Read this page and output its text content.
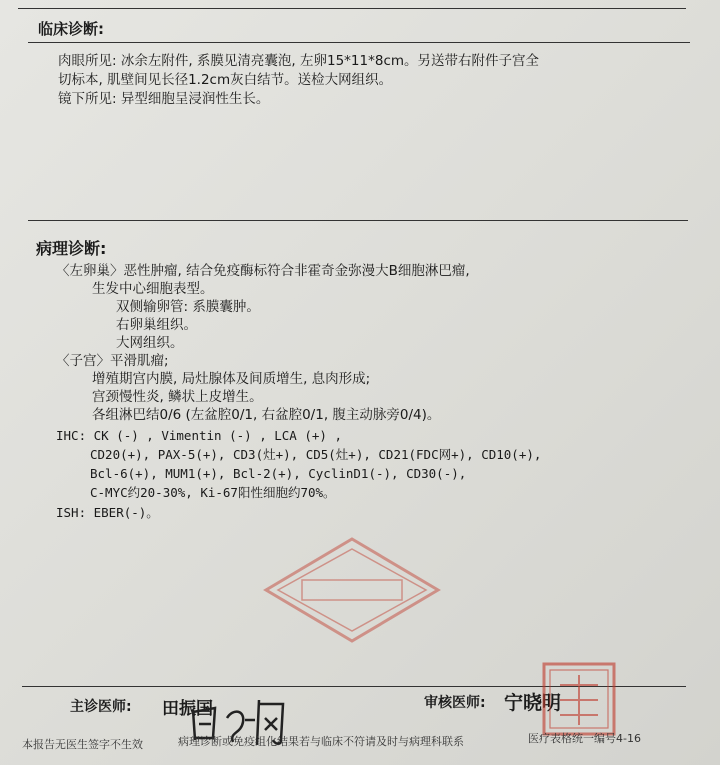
临床诊断:
肉眼所见: 冰余左附件, 系膜见清亮囊泡, 左卵15*11*8cm。另送带右附件子宫全
切标本, 肌壁间见长径1.2cm灰白结节。送检大网组织。
镜下所见: 异型细胞呈浸润性生长。
病理诊断:
〈左卵巢〉恶性肿瘤, 结合免疫酶标符合非霍奇金弥漫大B细胞淋巴瘤,
生发中心细胞表型。
双侧输卵管: 系膜囊肿。
右卵巢组织。
大网组织。
〈子宫〉平滑肌瘤;
增殖期宫内膜, 局灶腺体及间质增生, 息肉形成;
宫颈慢性炎, 鳞状上皮增生。
各组淋巴结0/6 (左盆腔0/1, 右盆腔0/1, 腹主动脉旁0/4)。
IHC: CK (-) , Vimentin (-) , LCA (+) ,
CD20(+), PAX-5(+), CD3(灶+), CD5(灶+), CD21(FDC网+), CD10(+),
Bcl-6(+), MUM1(+), Bcl-2(+), CyclinD1(-), CD30(-),
C-MYC约20-30%, Ki-67阳性细胞约70%。
ISH: EBER(-)。
主诊医师: 田振国	审核医师: 宁晓明
本报告无医生签字不生效	病理诊断或免疫组化结果若与临床不符请及时与病理科联系	医疗表格统一编号4-16
